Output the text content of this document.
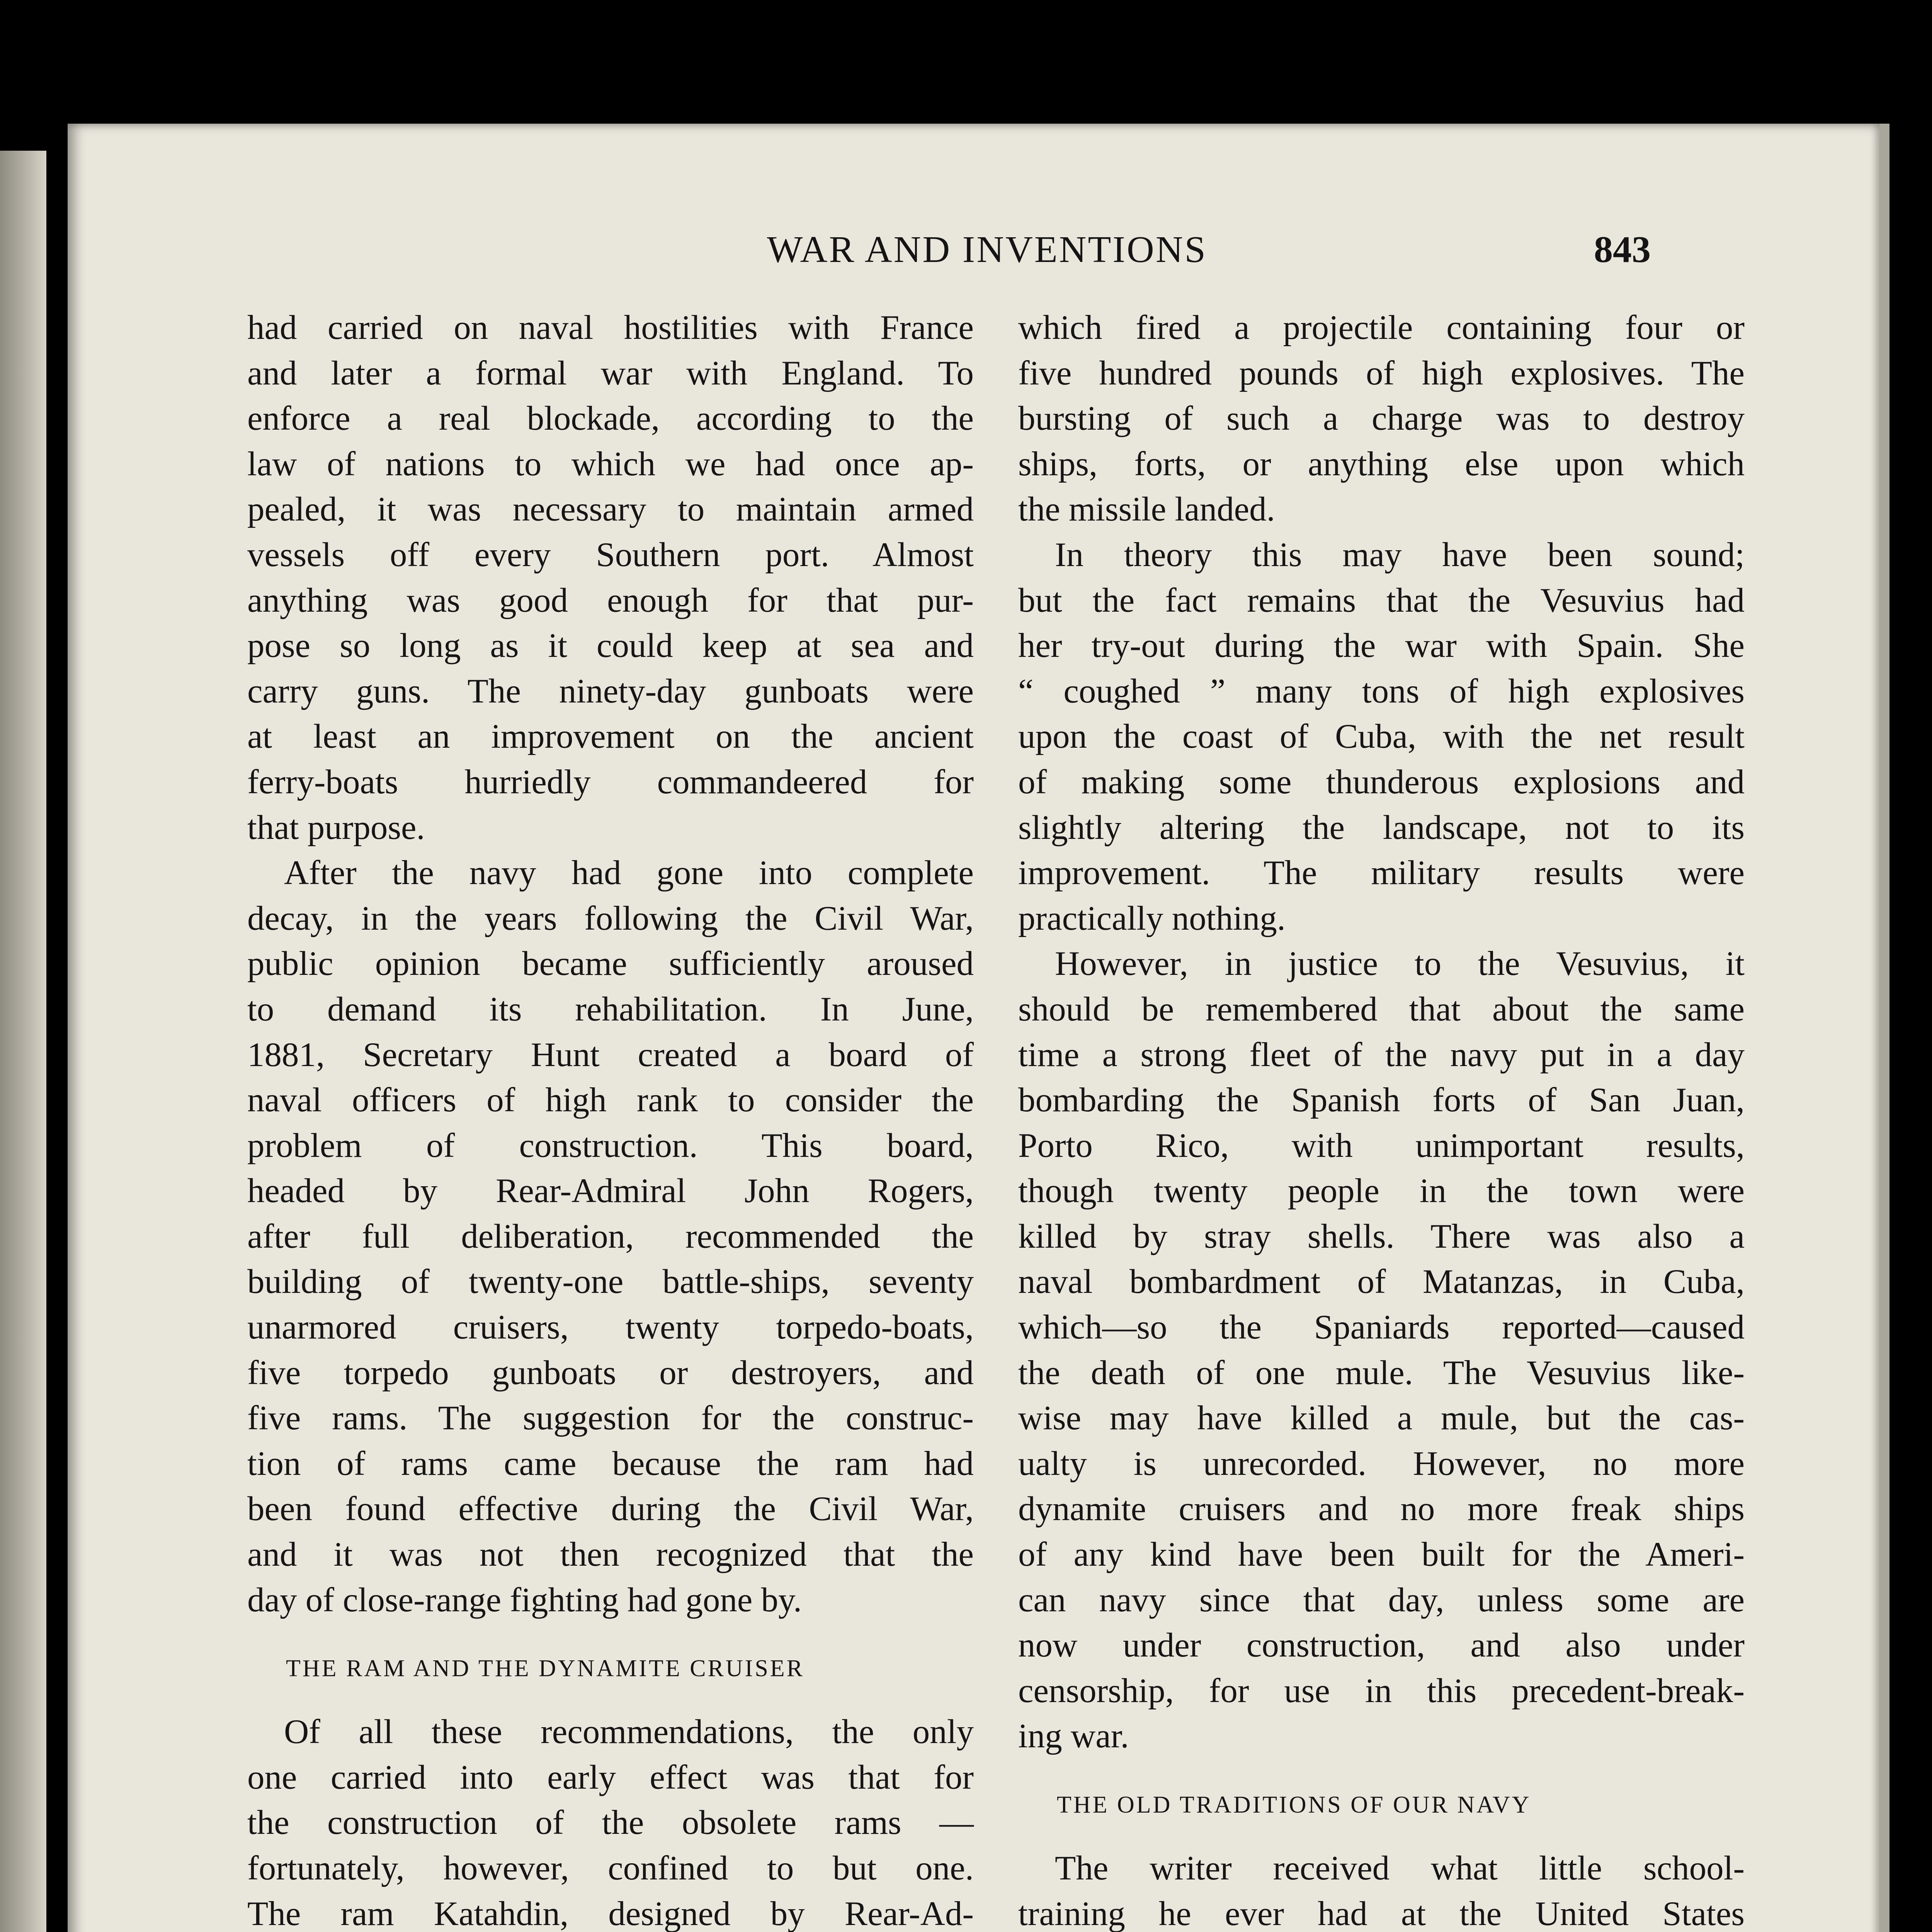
WAR AND INVENTIONS	843

had carried on naval hostilities with France

and later a formal war with England. To

enforce a real blockade, according to the

law of nations to which we had once ap-

pealed, it was necessary to maintain armed

vessels off every Southern port. Almost

anything was good enough for that pur-

pose so long as it could keep at sea and

carry guns. The ninety-day gunboats were

at least an improvement on the ancient

ferry-boats hurriedly commandeered for

that purpose.

After the navy had gone into complete

decay, in the years following the Civil War,

public opinion became sufficiently aroused

to demand its rehabilitation. In June,

1881, Secretary Hunt created a board of

naval officers of high rank to consider the

problem of construction. This board,

headed by Rear-Admiral John Rogers,

after full deliberation, recommended the

building of twenty-one battle-ships, seventy

unarmored cruisers, twenty torpedo-boats,

five torpedo gunboats or destroyers, and

five rams. The suggestion for the construc-

tion of rams came because the ram had

been found effective during the Civil War,

and it was not then recognized that the

day of close-range fighting had gone by.

THE RAM AND THE DYNAMITE CRUISER

Of all these recommendations, the only

one carried into early effect was that for

the construction of the obsolete rams —

fortunately, however, confined to but one.

The ram Katahdin, designed by Rear-Ad-

which fired a projectile containing four or

five hundred pounds of high explosives. The

bursting of such a charge was to destroy

ships, forts, or anything else upon which

the missile landed.

In theory this may have been sound;

but the fact remains that the Vesuvius had

her try-out during the war with Spain. She

“ coughed ” many tons of high explosives

upon the coast of Cuba, with the net result

of making some thunderous explosions and

slightly altering the landscape, not to its

improvement. The military results were

practically nothing.

However, in justice to the Vesuvius, it

should be remembered that about the same

time a strong fleet of the navy put in a day

bombarding the Spanish forts of San Juan,

Porto Rico, with unimportant results,

though twenty people in the town were

killed by stray shells. There was also a

naval bombardment of Matanzas, in Cuba,

which—so the Spaniards reported—caused

the death of one mule. The Vesuvius like-

wise may have killed a mule, but the cas-

ualty is unrecorded. However, no more

dynamite cruisers and no more freak ships

of any kind have been built for the Ameri-

can navy since that day, unless some are

now under construction, and also under

censorship, for use in this precedent-break-

ing war.

THE OLD TRADITIONS OF OUR NAVY

The writer received what little school-

training he ever had at the United States
